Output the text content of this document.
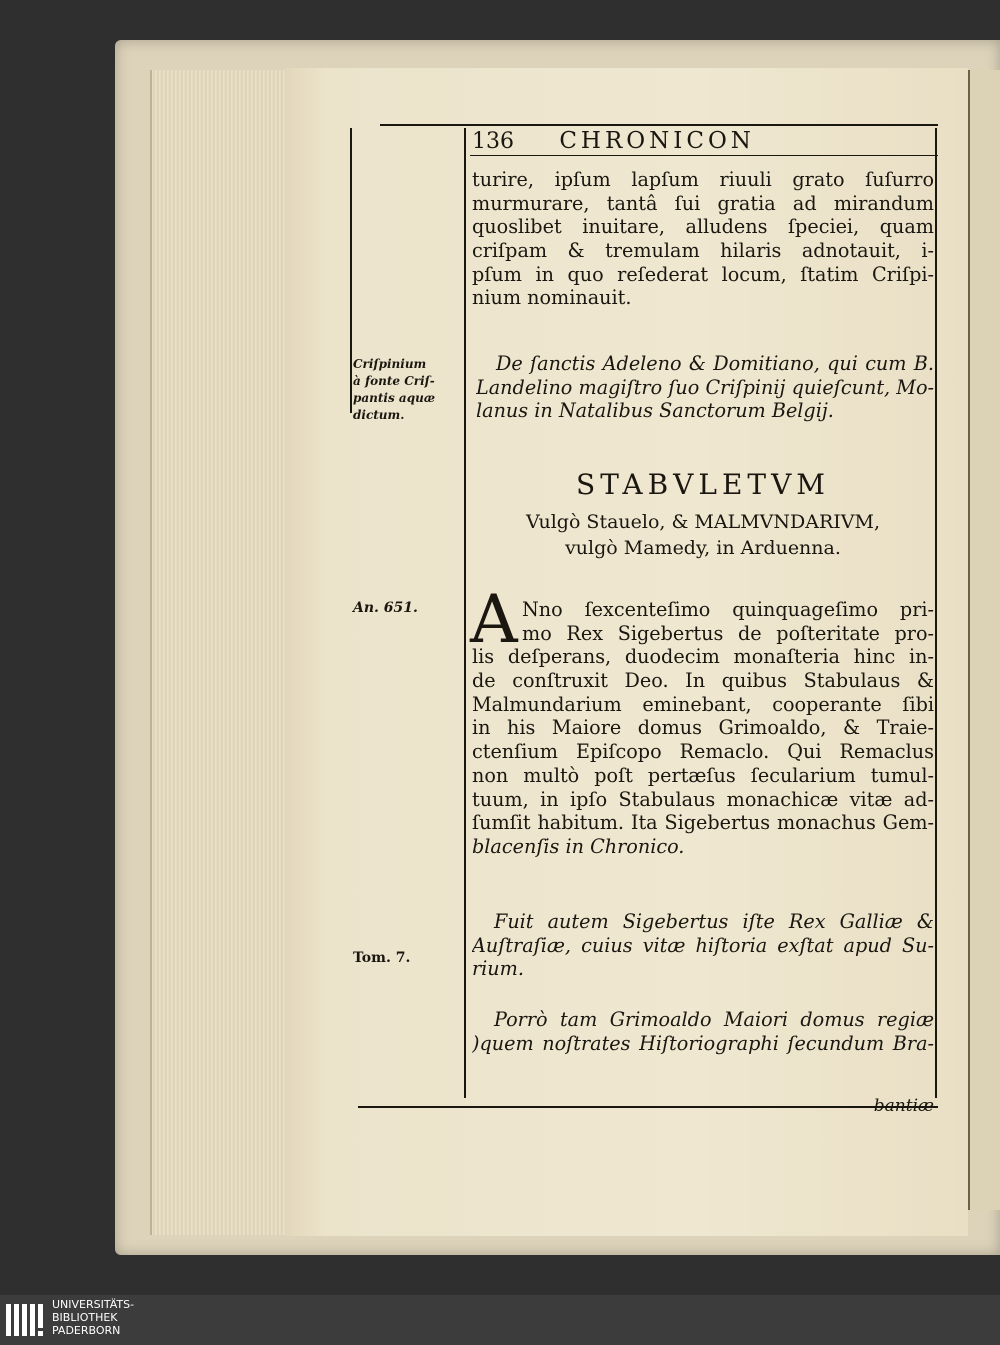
136 CHRONICON
turire, ipſum lapſum riuuli grato ſuſurro
murmurare, tantâ ſui gratia ad mirandum
quoslibet inuitare, alludens ſpeciei, quam
criſpam & tremulam hilaris adnotauit, i-
pſum in quo reſederat locum, ſtatim Criſpi-
nium nominauit.
De ſanctis Adeleno & Domitiano, qui cum B.
Landelino magiſtro ſuo Criſpinij quieſcunt, Mo-
lanus in Natalibus Sanctorum Belgij.
Criſpinium
à fonte Criſ-
pantis aquæ
dictum.
An. 651.
Tom. 7.
STABVLETVM
Vulgò Stauelo, & MALMVNDARIVM,
vulgò Mamedy, in Arduenna.
A Nno ſexcenteſimo quinquageſimo pri-
mo Rex Sigebertus de poſteritate pro-
lis deſperans, duodecim monaſteria hinc in-
de conſtruxit Deo. In quibus Stabulaus &
Malmundarium eminebant, cooperante ſibi
in his Maiore domus Grimoaldo, & Traie-
ctenſium Epiſcopo Remaclo. Qui Remaclus
non multò poſt pertæſus ſecularium tumul-
tuum, in ipſo Stabulaus monachicæ vitæ ad-
ſumſit habitum. Ita Sigebertus monachus Gem-
blacenſis in Chronico.
Fuit autem Sigebertus iſte Rex Galliæ &
Auſtraſiæ, cuius vitæ hiſtoria exſtat apud Su-
rium.
Porrò tam Grimoaldo Maiori domus regiæ
)quem noſtrates Hiſtoriographi ſecundum Bra-
bantiæ
UNIVERSITÄTS-
BIBLIOTHEK
PADERBORN
